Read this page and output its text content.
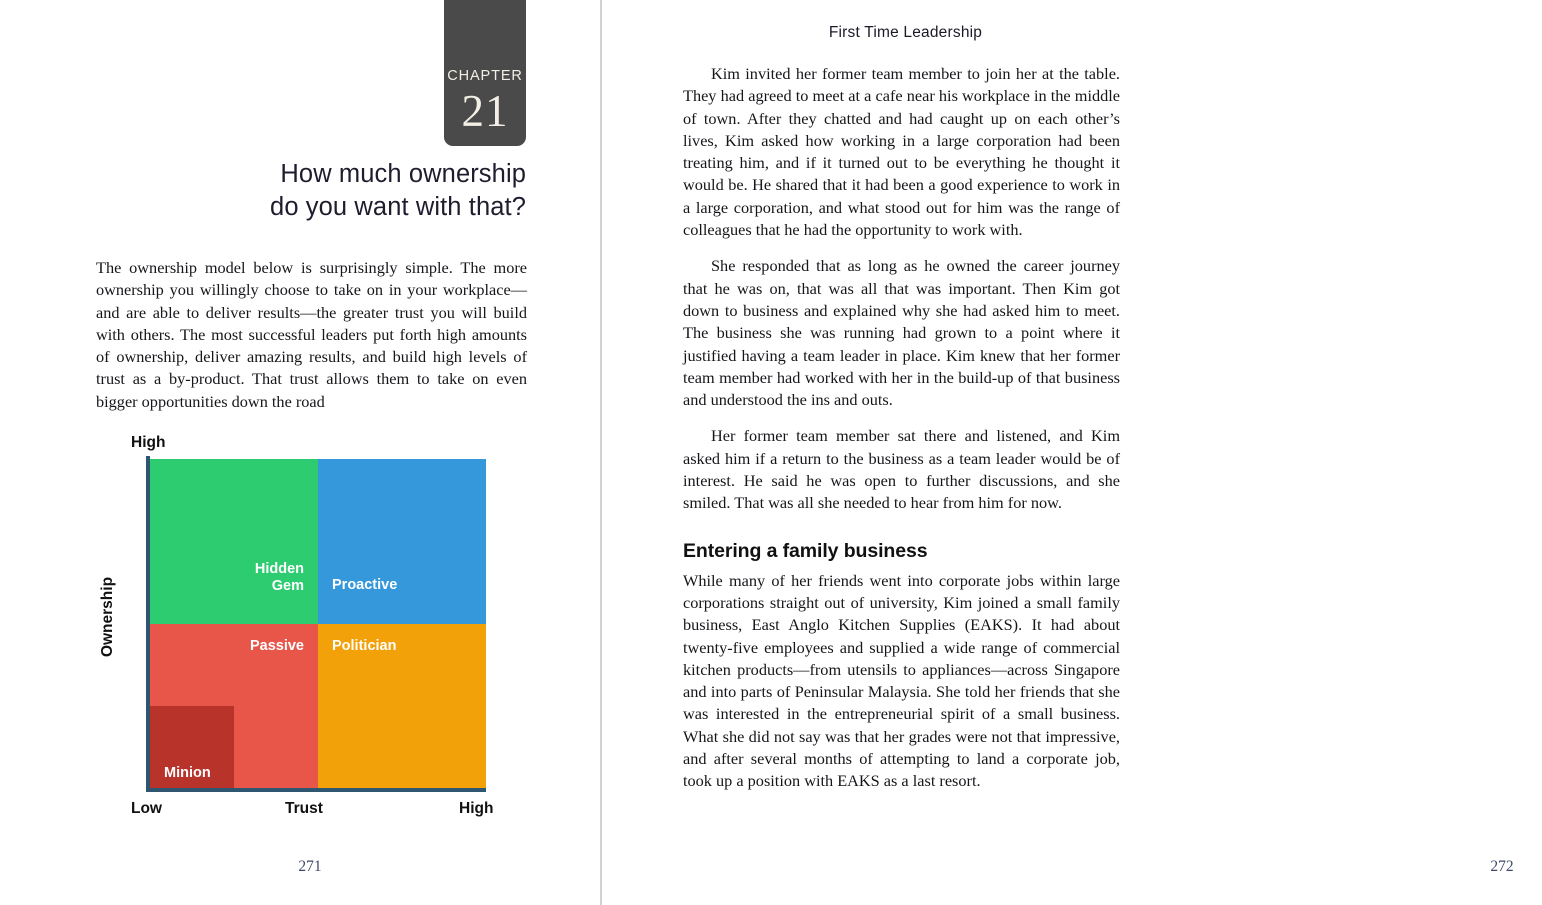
CHAPTER
21
How much ownership
do you want with that?
The ownership model below is surprisingly simple. The more ownership you willingly choose to take on in your workplace—and are able to deliver results—the greater trust you will build with others. The most successful leaders put forth high amounts of ownership, deliver amazing results, and build high levels of trust as a by-product. That trust allows them to take on even bigger opportunities down the road
High
Ownership
Hidden
Gem Proactive
Passive Politician
Minion
Low	Trust	High
271
First Time Leadership

Kim invited her former team member to join her at the table. They had agreed to meet at a cafe near his workplace in the middle of town. After they chatted and had caught up on each other’s lives, Kim asked how working in a large corporation had been treating him, and if it turned out to be everything he thought it would be. He shared that it had been a good experience to work in a large corporation, and what stood out for him was the range of colleagues that he had the opportunity to work with.

She responded that as long as he owned the career journey that he was on, that was all that was important. Then Kim got down to business and explained why she had asked him to meet. The business she was running had grown to a point where it justified having a team leader in place. Kim knew that her former team member had worked with her in the build-up of that business and understood the ins and outs.

Her former team member sat there and listened, and Kim asked him if a return to the business as a team leader would be of interest. He said he was open to further discussions, and she smiled. That was all she needed to hear from him for now.

Entering a family business

While many of her friends went into corporate jobs within large corporations straight out of university, Kim joined a small family business, East Anglo Kitchen Supplies (EAKS). It had about twenty-five employees and supplied a wide range of commercial kitchen products—from utensils to appliances—across Singapore and into parts of Peninsular Malaysia. She told her friends that she was interested in the entrepreneurial spirit of a small business. What she did not say was that her grades were not that impressive, and after several months of attempting to land a corporate job, took up a position with EAKS as a last resort.

272
